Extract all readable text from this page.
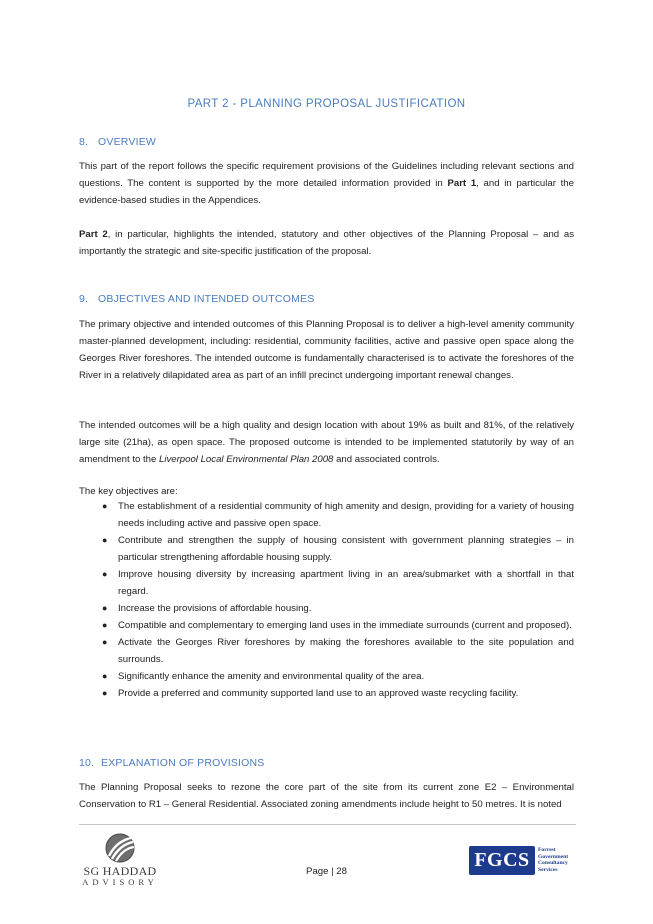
PART 2 - PLANNING PROPOSAL JUSTIFICATION
8. OVERVIEW

This part of the report follows the specific requirement provisions of the Guidelines including relevant sections and questions. The content is supported by the more detailed information provided in Part 1, and in particular the evidence-based studies in the Appendices.

Part 2, in particular, highlights the intended, statutory and other objectives of the Planning Proposal – and as importantly the strategic and site-specific justification of the proposal.

9. OBJECTIVES AND INTENDED OUTCOMES

The primary objective and intended outcomes of this Planning Proposal is to deliver a high-level amenity community master-planned development, including: residential, community facilities, active and passive open space along the Georges River foreshores. The intended outcome is fundamentally characterised is to activate the foreshores of the River in a relatively dilapidated area as part of an infill precinct undergoing important renewal changes.

The intended outcomes will be a high quality and design location with about 19% as built and 81%, of the relatively large site (21ha), as open space. The proposed outcome is intended to be implemented statutorily by way of an amendment to the Liverpool Local Environmental Plan 2008 and associated controls.

The key objectives are:

● The establishment of a residential community of high amenity and design, providing for a variety of housing needs including active and passive open space.
● Contribute and strengthen the supply of housing consistent with government planning strategies – in particular strengthening affordable housing supply.
● Improve housing diversity by increasing apartment living in an area/submarket with a shortfall in that regard.
● Increase the provisions of affordable housing.
● Compatible and complementary to emerging land uses in the immediate surrounds (current and proposed).
● Activate the Georges River foreshores by making the foreshores available to the site population and surrounds.
● Significantly enhance the amenity and environmental quality of the area.
● Provide a preferred and community supported land use to an approved waste recycling facility.
10. EXPLANATION OF PROVISIONS

The Planning Proposal seeks to rezone the core part of the site from its current zone E2 – Environmental Conservation to R1 – General Residential. Associated zoning amendments include height to 50 metres. It is noted

SG HADDAD
ADVISORY
Page | 28
FGCS	Forrest
Government
Consultancy
Services
